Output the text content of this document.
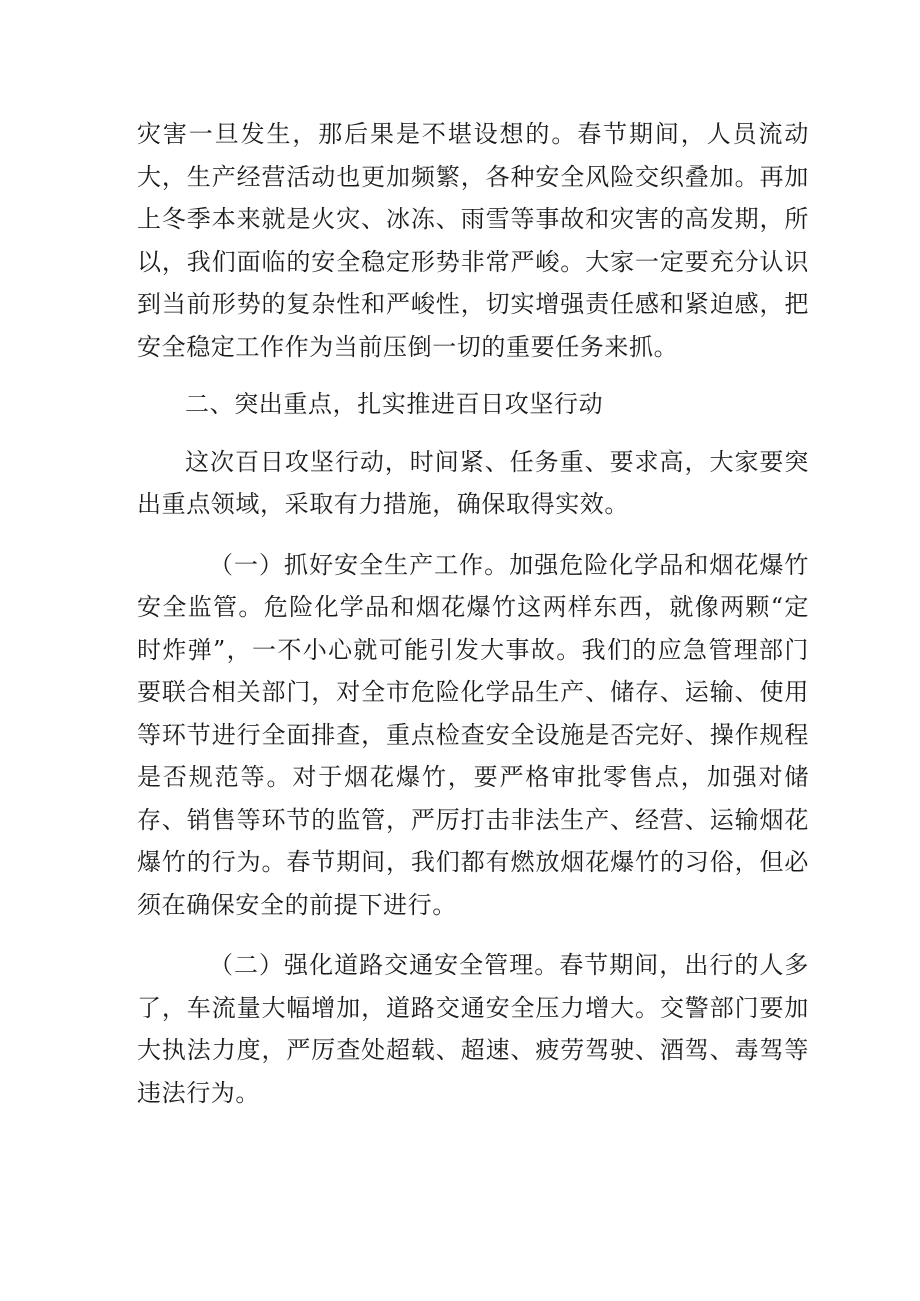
灾害一旦发生，那后果是不堪设想的。春节期间，人员流动大，生产经营活动也更加频繁，各种安全风险交织叠加。再加上冬季本来就是火灾、冰冻、雨雪等事故和灾害的高发期，所以，我们面临的安全稳定形势非常严峻。大家一定要充分认识到当前形势的复杂性和严峻性，切实增强责任感和紧迫感，把安全稳定工作作为当前压倒一切的重要任务来抓。

二、突出重点，扎实推进百日攻坚行动

这次百日攻坚行动，时间紧、任务重、要求高，大家要突出重点领域，采取有力措施，确保取得实效。

（一）抓好安全生产工作。加强危险化学品和烟花爆竹安全监管。危险化学品和烟花爆竹这两样东西，就像两颗“定时炸弹”，一不小心就可能引发大事故。我们的应急管理部门要联合相关部门，对全市危险化学品生产、储存、运输、使用等环节进行全面排查，重点检查安全设施是否完好、操作规程是否规范等。对于烟花爆竹，要严格审批零售点，加强对储存、销售等环节的监管，严厉打击非法生产、经营、运输烟花爆竹的行为。春节期间，我们都有燃放烟花爆竹的习俗，但必须在确保安全的前提下进行。

（二）强化道路交通安全管理。春节期间，出行的人多了，车流量大幅增加，道路交通安全压力增大。交警部门要加大执法力度，严厉查处超载、超速、疲劳驾驶、酒驾、毒驾等违法行为。
